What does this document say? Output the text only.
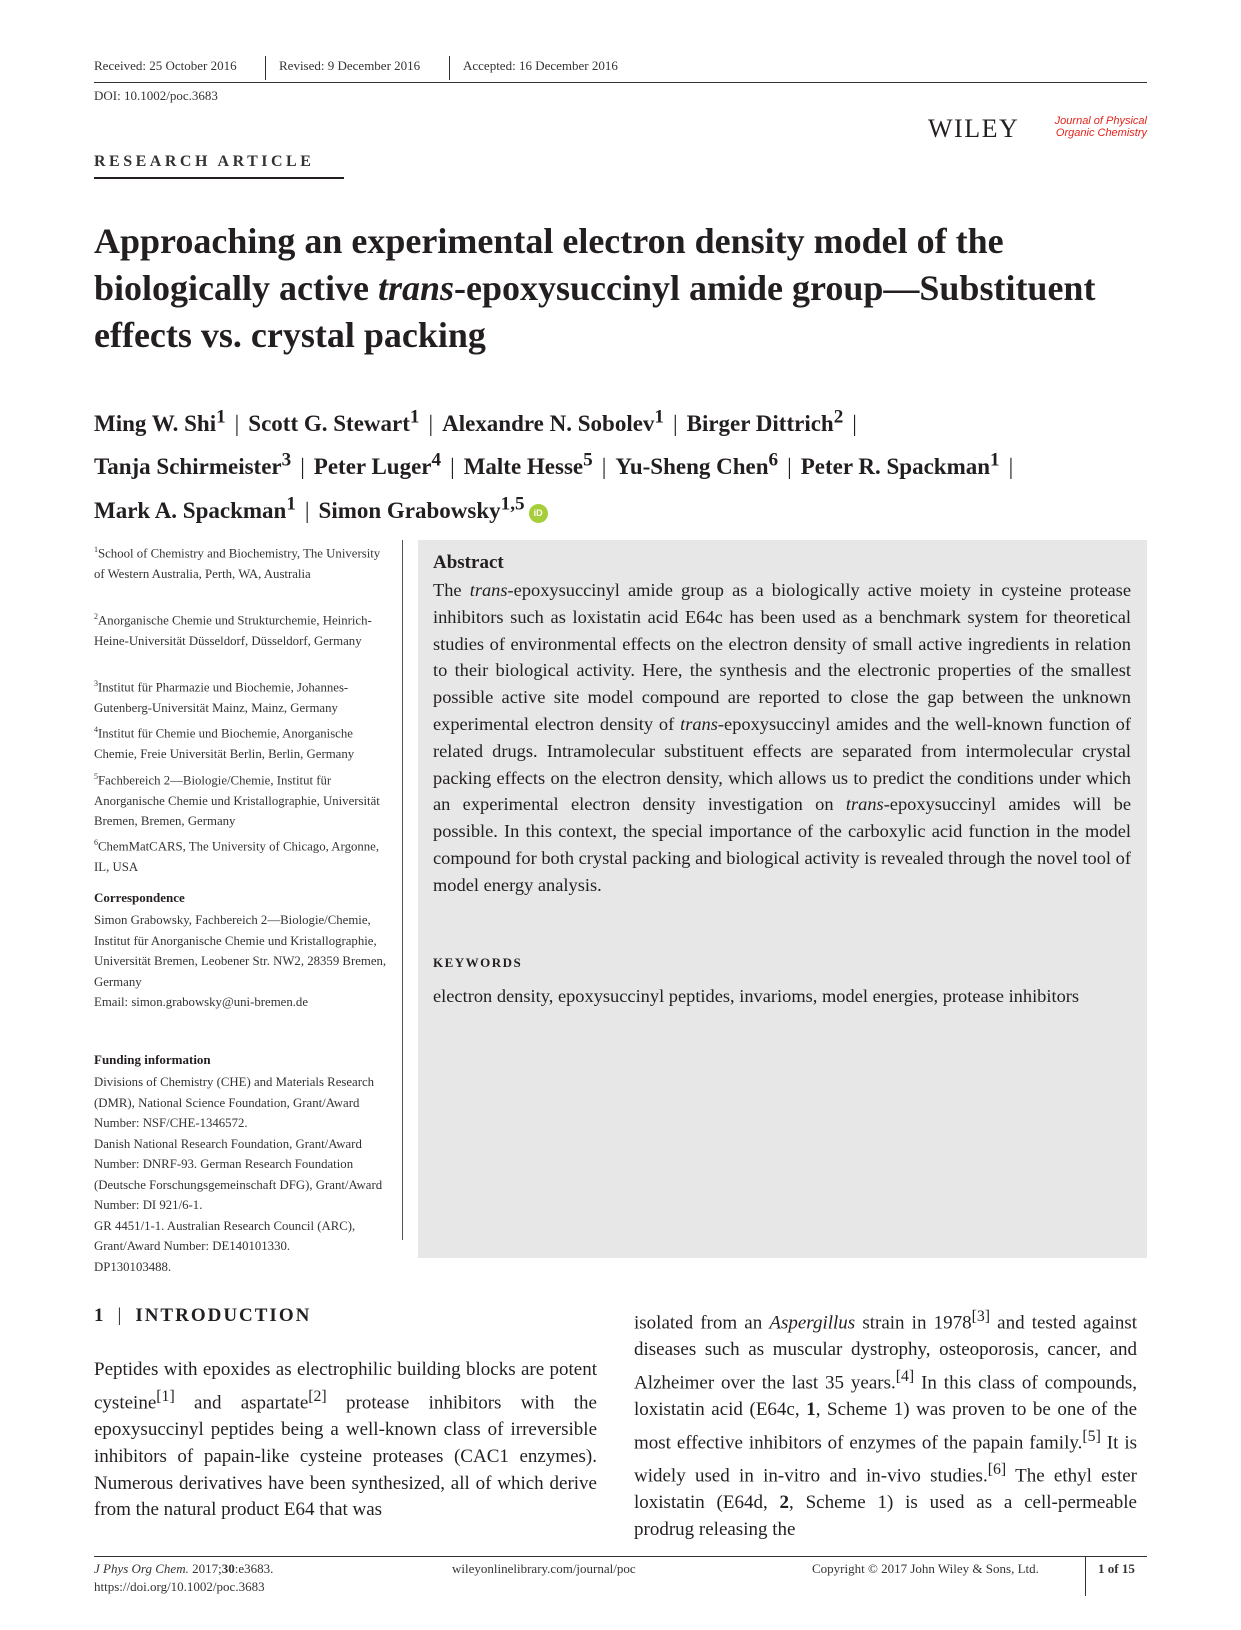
Received: 25 October 2016	Revised: 9 December 2016	Accepted: 16 December 2016
DOI: 10.1002/poc.3683
WILEY	Journal of Physical
Organic Chemistry
RESEARCH ARTICLE
Approaching an experimental electron density model of the biologically active trans-epoxysuccinyl amide group—Substituent effects vs. crystal packing
Ming W. Shi$^1$ | Scott G. Stewart$^1$ | Alexandre N. Sobolev$^1$ | Birger Dittrich$^2$ |
Tanja Schirmeister$^3$ | Peter Luger$^4$ | Malte Hesse$^5$ | Yu-Sheng Chen$^6$ | Peter R. Spackman$^1$ |
Mark A. Spackman$^1$ | Simon Grabowsky$^{1,5}$ iD
$^1$School of Chemistry and Biochemistry, The University of Western Australia, Perth, WA, Australia
$^2$Anorganische Chemie und Strukturchemie, Heinrich-Heine-Universität Düsseldorf, Düsseldorf, Germany
$^3$Institut für Pharmazie und Biochemie, Johannes-Gutenberg-Universität Mainz, Mainz, Germany
$^4$Institut für Chemie und Biochemie, Anorganische Chemie, Freie Universität Berlin, Berlin, Germany
$^5$Fachbereich 2—Biologie/Chemie, Institut für Anorganische Chemie und Kristallographie, Universität Bremen, Bremen, Germany
$^6$ChemMatCARS, The University of Chicago, Argonne, IL, USA
Correspondence
Simon Grabowsky, Fachbereich 2—Biologie/Chemie, Institut für Anorganische Chemie und Kristallographie, Universität Bremen, Leobener Str. NW2, 28359 Bremen, Germany
Email: simon.grabowsky@uni-bremen.de
Funding information
Divisions of Chemistry (CHE) and Materials Research (DMR), National Science Foundation, Grant/Award Number: NSF/CHE-1346572.
Danish National Research Foundation, Grant/Award Number: DNRF-93. German Research Foundation (Deutsche Forschungsgemeinschaft DFG), Grant/Award Number: DI 921/6-1.
GR 4451/1-1. Australian Research Council (ARC), Grant/Award Number: DE140101330.
DP130103488.
Abstract
The trans-epoxysuccinyl amide group as a biologically active moiety in cysteine protease inhibitors such as loxistatin acid E64c has been used as a benchmark system for theoretical studies of environmental effects on the electron density of small active ingredients in relation to their biological activity. Here, the synthesis and the electronic properties of the smallest possible active site model compound are reported to close the gap between the unknown experimental electron density of trans-epoxysuccinyl amides and the well-known function of related drugs. Intramolecular substituent effects are separated from intermolecular crystal packing effects on the electron density, which allows us to predict the conditions under which an experimental electron density investigation on trans-epoxysuccinyl amides will be possible. In this context, the special importance of the carboxylic acid function in the model compound for both crystal packing and biological activity is revealed through the novel tool of model energy analysis.
KEYWORDS
electron density, epoxysuccinyl peptides, invarioms, model energies, protease inhibitors
1 | INTRODUCTION
Peptides with epoxides as electrophilic building blocks are potent cysteine[1] and aspartate[2] protease inhibitors with the epoxysuccinyl peptides being a well-known class of irreversible inhibitors of papain-like cysteine proteases (CAC1 enzymes). Numerous derivatives have been synthesized, all of which derive from the natural product E64 that was
isolated from an Aspergillus strain in 1978[3] and tested against diseases such as muscular dystrophy, osteoporosis, cancer, and Alzheimer over the last 35 years.[4] In this class of compounds, loxistatin acid (E64c, 1, Scheme 1) was proven to be one of the most effective inhibitors of enzymes of the papain family.[5] It is widely used in in-vitro and in-vivo studies.[6] The ethyl ester loxistatin (E64d, 2, Scheme 1) is used as a cell-permeable prodrug releasing the
J Phys Org Chem. 2017;30:e3683.
https://doi.org/10.1002/poc.3683
wileyonlinelibrary.com/journal/poc	Copyright © 2017 John Wiley & Sons, Ltd.	1 of 15
